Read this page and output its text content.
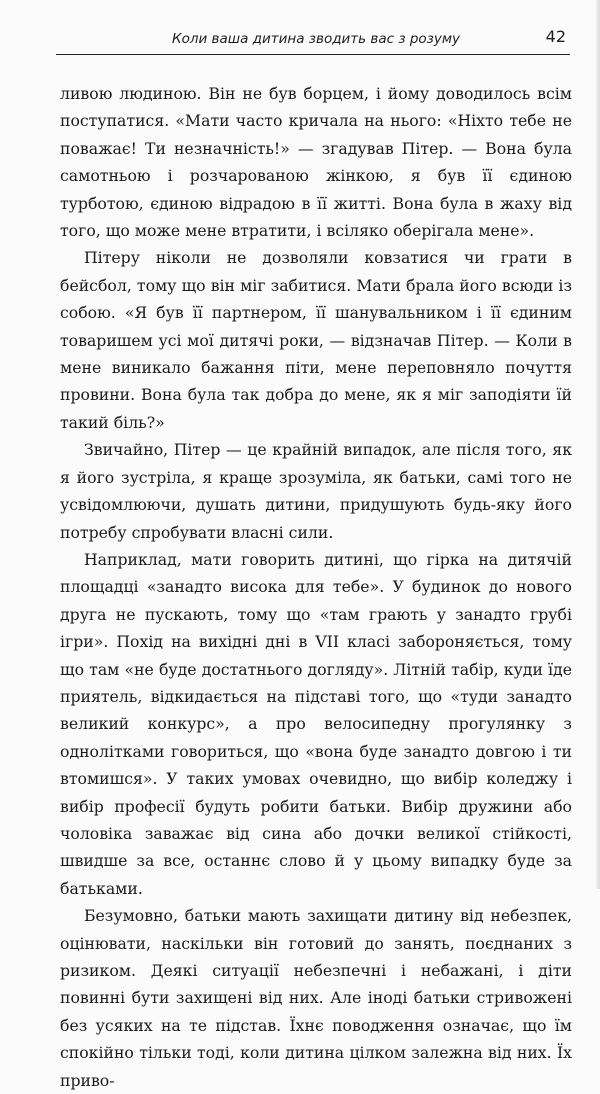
Коли ваша дитина зводить вас з розуму	42

ливою людиною. Він не був борцем, і йому доводилось всім поступатися. «Мати часто кричала на нього: «Ніхто тебе не поважає! Ти незначність!» — згадував Пітер. — Вона була самотньою і розчарованою жінкою, я був її єдиною турботою, єдиною відрадою в її житті. Вона була в жаху від того, що може мене втратити, і всіляко оберігала мене».

Пітеру ніколи не дозволяли ковзатися чи грати в бейсбол, тому що він міг забитися. Мати брала його всюди із собою. «Я був її партнером, її шанувальником і її єдиним товаришем усі мої дитячі роки, — відзначав Пітер. — Коли в мене виникало бажання піти, мене переповняло почуття провини. Вона була так добра до мене, як я міг заподіяти їй такий біль?»

Звичайно, Пітер — це крайній випадок, але після того, як я його зустріла, я краще зрозуміла, як батьки, самі того не усвідомлюючи, душать дитини, придушують будь-яку його потребу спробувати власні сили.

Наприклад, мати говорить дитині, що гірка на дитячій площадці «занадто висока для тебе». У будинок до нового друга не пускають, тому що «там грають у занадто грубі ігри». Похід на вихідні дні в VII класі забороняється, тому що там «не буде достатнього догляду». Літній табір, куди їде приятель, відкидається на підставі того, що «туди занадто великий конкурс», а про велосипедну прогулянку з однолітками говориться, що «вона буде занадто довгою і ти втомишся». У таких умовах очевидно, що вибір коледжу і вибір професії будуть робити батьки. Вибір дружини або чоловіка заважає від сина або дочки великої стійкості, швидше за все, останнє слово й у цьому випадку буде за батьками.

Безумовно, батьки мають захищати дитину від небезпек, оцінювати, наскільки він готовий до занять, поєднаних з ризиком. Деякі ситуації небезпечні і небажані, і діти повинні бути захищені від них. Але іноді батьки стривожені без усяких на те підстав. Їхнє поводження означає, що їм спокійно тільки тоді, коли дитина цілком залежна від них. Їх приво-
